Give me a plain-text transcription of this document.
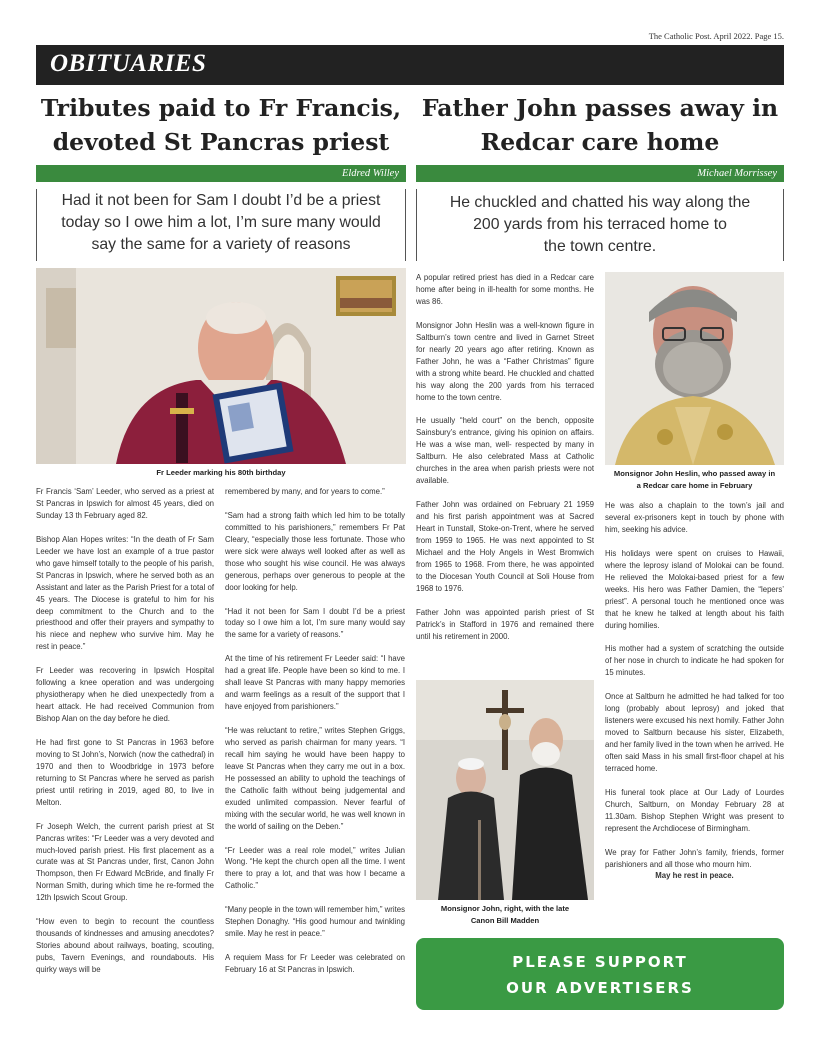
The Catholic Post. April 2022. Page 15.
OBITUARIES
Tributes paid to Fr Francis,
devoted St Pancras priest
Eldred Willey
Had it not been for Sam I doubt I’d be a priest
today so I owe him a lot, I’m sure many would
say the same for a variety of reasons
Fr Leeder marking his 80th birthday

Fr Francis ‘Sam’ Leeder, who served as a priest at St Pancras in Ipswich for almost 45 years, died on Sunday 13 th February aged 82.

Bishop Alan Hopes writes: “In the death of Fr Sam Leeder we have lost an example of a true pastor who gave himself totally to the people of his parish, St Pancras in Ipswich, where he served both as an Assistant and later as the Parish Priest for a total of 45 years. The Diocese is grateful to him for his deep commitment to the Church and to the priesthood and offer their prayers and sympathy to his niece and nephew who survive him. May he rest in peace.”

Fr Leeder was recovering in Ipswich Hospital following a knee operation and was undergoing physiotherapy when he died unexpectedly from a heart attack. He had received Communion from Bishop Alan on the day before he died.

He had first gone to St Pancras in 1963 before moving to St John’s, Norwich (now the cathedral) in 1970 and then to Woodbridge in 1973 before returning to St Pancras where he served as parish priest until retiring in 2019, aged 80, to live in Melton.

Fr Joseph Welch, the current parish priest at St Pancras writes: “Fr Leeder was a very devoted and much-loved parish priest. His first placement as a curate was at St Pancras under, first, Canon John Thompson, then Fr Edward McBride, and finally Fr Norman Smith, during which time he re-formed the 12th Ipswich Scout Group.

“How even to begin to recount the countless thousands of kindnesses and amusing anecdotes? Stories abound about railways, boating, scouting, pubs, Tavern Evenings, and roundabouts. His quirky ways will be

remembered by many, and for years to come.”

“Sam had a strong faith which led him to be totally committed to his parishioners,” remembers Fr Pat Cleary, “especially those less fortunate. Those who were sick were always well looked after as well as those who sought his wise council. He was always generous, perhaps over generous to people at the door looking for help.

“Had it not been for Sam I doubt I’d be a priest today so I owe him a lot, I’m sure many would say the same for a variety of reasons.”

At the time of his retirement Fr Leeder said: “I have had a great life. People have been so kind to me. I shall leave St Pancras with many happy memories and warm feelings as a result of the support that I have enjoyed from parishioners.”

“He was reluctant to retire,” writes Stephen Griggs, who served as parish chairman for many years. “I recall him saying he would have been happy to leave St Pancras when they carry me out in a box. He possessed an ability to uphold the teachings of the Catholic faith without being judgemental and exuded unlimited compassion. Never fearful of mixing with the secular world, he was well known in the world of sailing on the Deben.”

“Fr Leeder was a real role model,” writes Julian Wong. “He kept the church open all the time. I went there to pray a lot, and that was how I became a Catholic.”

“Many people in the town will remember him,” writes Stephen Donaghy. “His good humour and twinkling smile. May he rest in peace.”

A requiem Mass for Fr Leeder was celebrated on February 16 at St Pancras in Ipswich.

Father John passes away in
Redcar care home
Michael Morrissey
He chuckled and chatted his way along the
200 yards from his terraced home to
the town centre.

A popular retired priest has died in a Redcar care home after being in ill-health for some months. He was 86.

Monsignor John Heslin was a well-known figure in Saltburn’s town centre and lived in Garnet Street for nearly 20 years ago after retiring. Known as Father John, he was a “Father Christmas” figure with a strong white beard. He chuckled and chatted his way along the 200 yards from his terraced home to the town centre.

He usually “held court” on the bench, opposite Sainsbury’s entrance, giving his opinion on affairs. He was a wise man, well- respected by many in Saltburn. He also celebrated Mass at Catholic churches in the area when parish priests were not available.

Father John was ordained on February 21 1959 and his first parish appointment was at Sacred Heart in Tunstall, Stoke-on-Trent, where he served from 1959 to 1965. He was next appointed to St Michael and the Holy Angels in West Bromwich from 1965 to 1968. From there, he was appointed to the Diocesan Youth Council at Soli House from 1968 to 1976.

Father John was appointed parish priest of St Patrick’s in Stafford in 1976 and remained there until his retirement in 2000.

Monsignor John, right, with the late
Canon Bill Madden
Monsignor John Heslin, who passed away in
a Redcar care home in February

He was also a chaplain to the town’s jail and several ex-prisoners kept in touch by phone with him, seeking his advice.

His holidays were spent on cruises to Hawaii, where the leprosy island of Molokai can be found. He relieved the Molokai-based priest for a few weeks. His hero was Father Damien, the “lepers’ priest”. A personal touch he mentioned once was that he knew he talked at length about his faith during homilies.

His mother had a system of scratching the outside of her nose in church to indicate he had spoken for 15 minutes.

Once at Saltburn he admitted he had talked for too long (probably about leprosy) and joked that listeners were excused his next homily. Father John moved to Saltburn because his sister, Elizabeth, and her family lived in the town when he arrived. He often said Mass in his small first-floor chapel at his terraced home.

His funeral took place at Our Lady of Lourdes Church, Saltburn, on Monday February 28 at 11.30am. Bishop Stephen Wright was present to represent the Archdiocese of Birmingham.

We pray for Father John’s family, friends, former parishioners and all those who mourn him.

May he rest in peace.

PLEASE SUPPORT
OUR ADVERTISERS
